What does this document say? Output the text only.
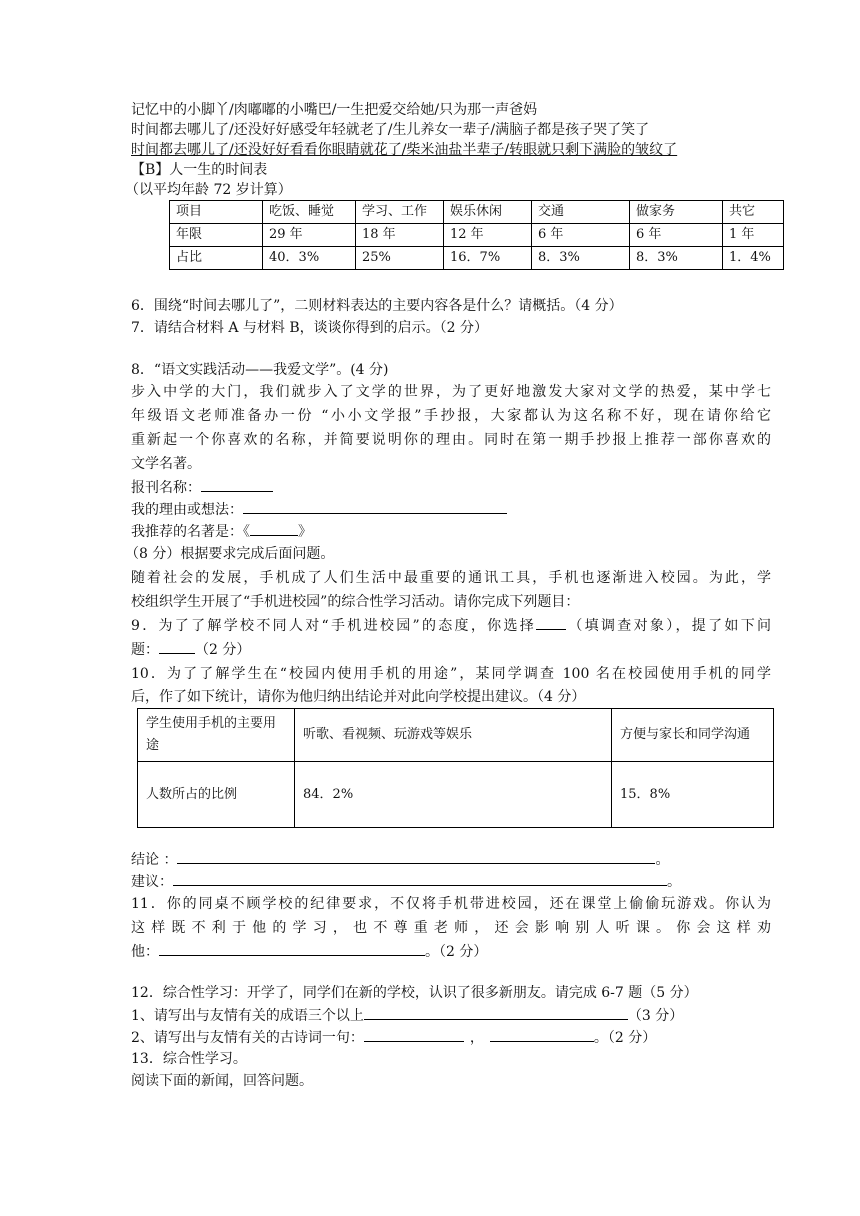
记忆中的小脚丫/肉嘟嘟的小嘴巴/一生把爱交给她/只为那一声爸妈
时间都去哪儿了/还没好好感受年轻就老了/生儿养女一辈子/满脑子都是孩子哭了笑了
时间都去哪儿了/还没好好看看你眼睛就花了/柴米油盐半辈子/转眼就只剩下满脸的皱纹了
【B】人一生的时间表
（以平均年龄 72 岁计算）
项目	吃饭、睡觉	学习、工作	娱乐休闲	交通	做家务	共它
年限	29 年	18 年	12 年	6 年	6 年	1 年
占比	40．3%	25%	16．7%	8．3%	8．3%	1．4%
6．围绕“时间去哪儿了”，二则材料表达的主要内容各是什么？请概括。（4 分）
7．请结合材料 A 与材料 B，谈谈你得到的启示。（2 分）
8．“语文实践活动——我爱文学”。(4 分)
步入中学的大门，我们就步入了文学的世界，为了更好地激发大家对文学的热爱，某中学七
年级语文老师准备办一份 “小小文学报”手抄报，大家都认为这名称不好，现在请你给它
重新起一个你喜欢的名称，并简要说明你的理由。同时在第一期手抄报上推荐一部你喜欢的
文学名著。
报刊名称：
我的理由或想法：
我推荐的名著是：《	》
（8 分）根据要求完成后面问题。
随着社会的发展，手机成了人们生活中最重要的通讯工具，手机也逐渐进入校园。为此，学
校组织学生开展了“手机进校园”的综合性学习活动。请你完成下列题目：
9．为了了解学校不同人对“手机进校园”的态度，你选择 （填调查对象），提了如下问
题：	（2 分）
10．为了了解学生在“校园内使用手机的用途”，某同学调查 100 名在校园使用手机的同学
后，作了如下统计，请你为他归纳出结论并对此向学校提出建议。（4 分）
学生使用手机的主要用途	听歌、看视频、玩游戏等娱乐	方便与家长和同学沟通
人数所占的比例	84．2%	15．8%
结论 ：	。
建议：	。
11．你的同桌不顾学校的纪律要求，不仅将手机带进校园，还在课堂上偷偷玩游戏。你认为
这样既不利于他的学习，也不尊重老师，还会影响别人听课。你会这样劝
他：	。（2 分）
12．综合性学习：开学了，同学们在新的学校，认识了很多新朋友。请完成 6-7 题（5 分）
1、请写出与友情有关的成语三个以上	（3 分）
2、请写出与友情有关的古诗词一句：	，	。（2 分）
13．综合性学习。
阅读下面的新闻，回答问题。
